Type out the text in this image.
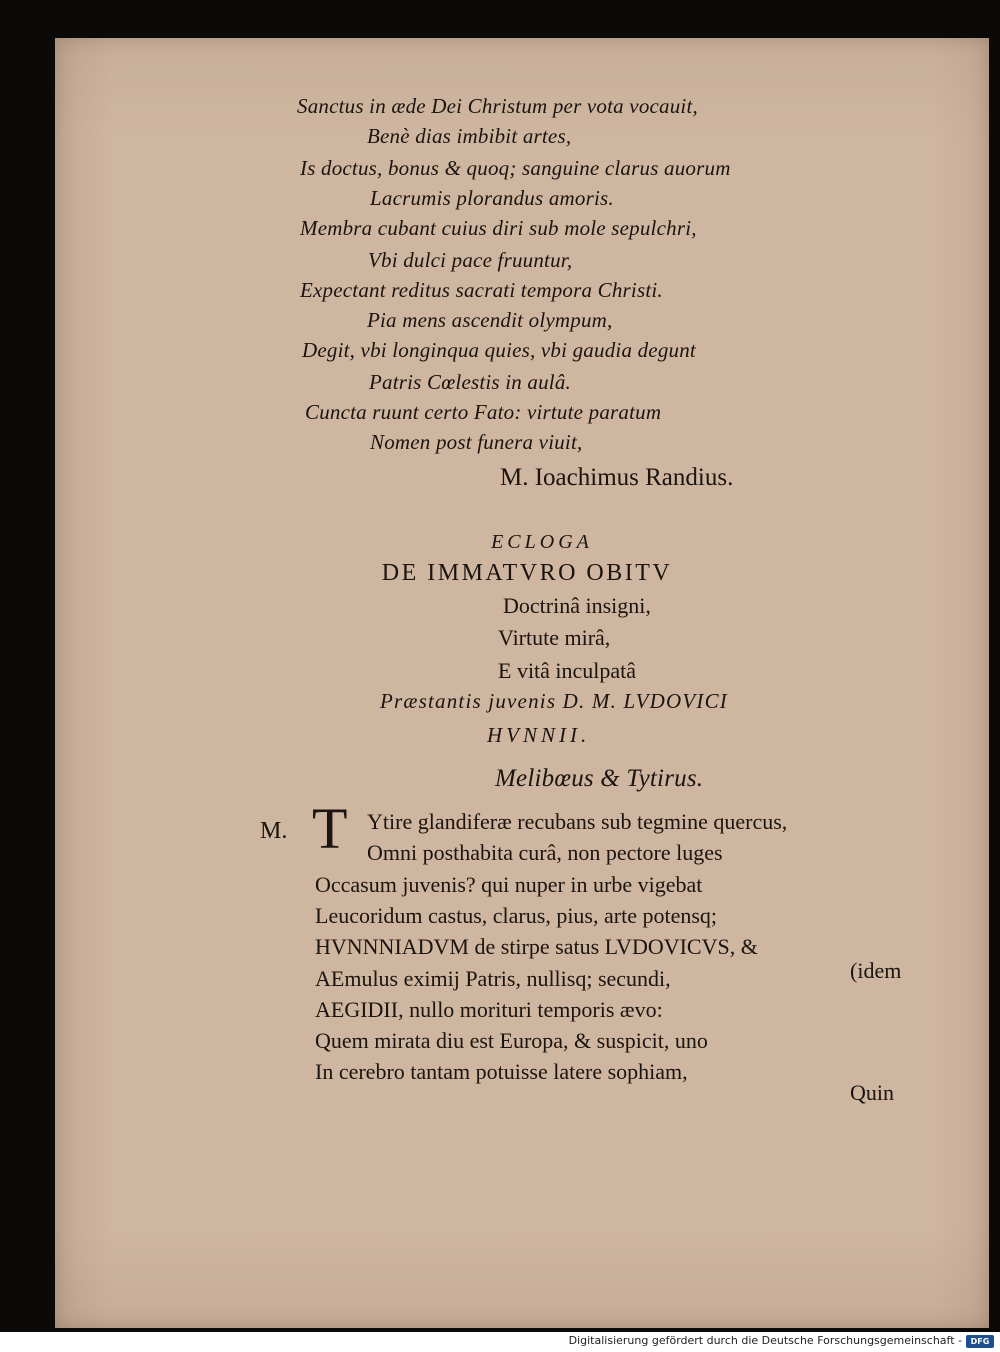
Sanctus in æde Dei Christum per vota vocauit,
Benè dias imbibit artes,
Is doctus, bonus & quoq; sanguine clarus auorum
Lacrumis plorandus amoris.
Membra cubant cuius diri sub mole sepulchri,
Vbi dulci pace fruuntur,
Expectant reditus sacrati tempora Christi.
Pia mens ascendit olympum,
Degit, vbi longinqua quies, vbi gaudia degunt
Patris Cœlestis in aulâ.
Cuncta ruunt certo Fato: virtute paratum
Nomen post funera viuit,
M. Ioachimus Randius.
ECLOGA
DE IMMATVRO OBITV
Doctrinâ insigni,
Virtute mirâ,
E vitâ inculpatâ
Præstantis juvenis D. M. LVDOVICI
HVNNII.
Melibœus & Tytirus.
M. T Ytire glandiferæ recubans sub tegmine quercus,
Omni posthabita curâ, non pectore luges
Occasum juvenis? qui nuper in urbe vigebat
Leucoridum castus, clarus, pius, arte potensq;
HVNNNIADVM de stirpe satus LVDOVICVS, &
AEmulus eximij Patris, nullisq; secundi,	(idem
AEGIDII, nullo morituri temporis ævo:
Quem mirata diu est Europa, & suspicit, uno
In cerebro tantam potuisse latere sophiam,
Quin
Digitalisierung gefördert durch die Deutsche Forschungsgemeinschaft -	DFG
